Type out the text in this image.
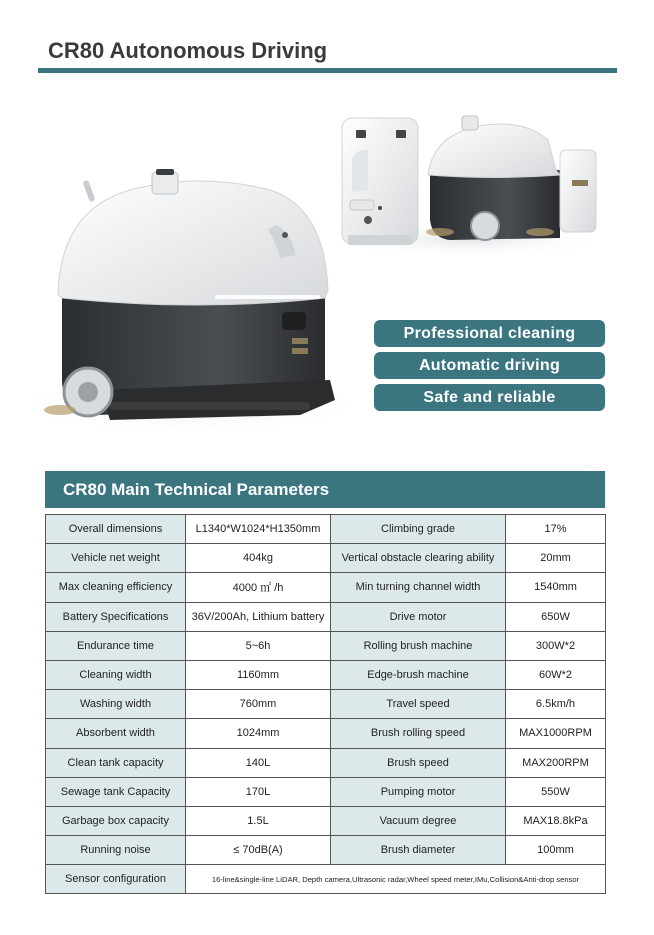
CR80 Autonomous Driving
Professional cleaning
Automatic driving
Safe and reliable
CR80 Main Technical Parameters
Overall dimensions	L1340*W1024*H1350mm	Climbing grade	17%
Vehicle net weight	404kg	Vertical obstacle clearing ability	20mm
Max cleaning efficiency	4000 ㎡ /h	Min turning channel width	1540mm
Battery Specifications	36V/200Ah, Lithium battery	Drive motor	650W
Endurance time	5~6h	Rolling brush machine	300W*2
Cleaning width	1160mm	Edge-brush machine	60W*2
Washing width	760mm	Travel speed	6.5km/h
Absorbent width	1024mm	Brush rolling speed	MAX1000RPM
Clean tank capacity	140L	Brush speed	MAX200RPM
Sewage tank Capacity	170L	Pumping motor	550W
Garbage box capacity	1.5L	Vacuum degree	MAX18.8kPa
Running noise	≤ 70dB(A)	Brush diameter	100mm
Sensor configuration	16-line&single-line LiDAR, Depth camera,Ultrasonic radar,Wheel speed meter,IMu,Collision&Anti-drop sensor		
